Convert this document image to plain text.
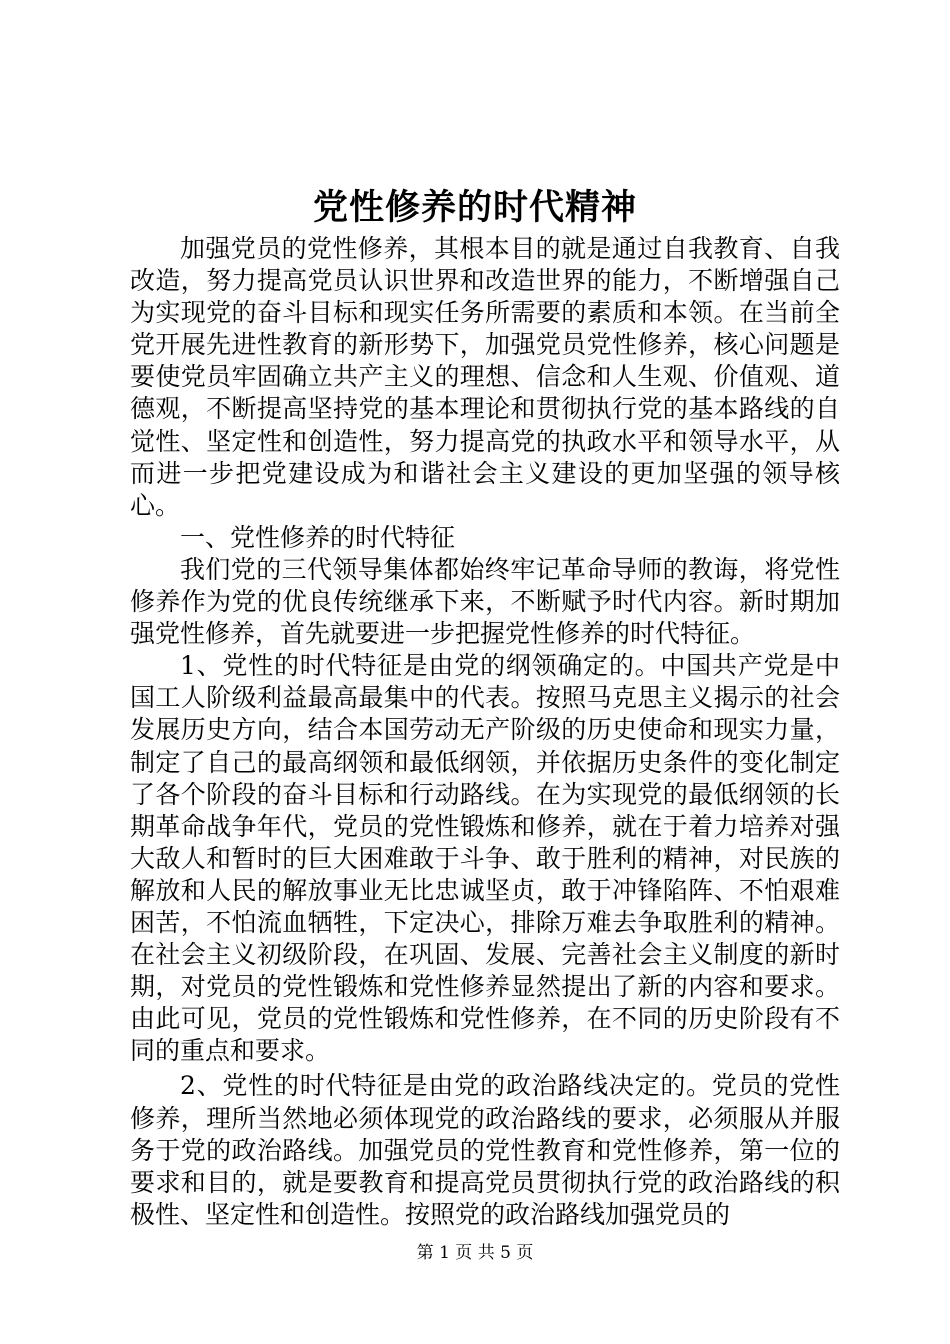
党性修养的时代精神

加强党员的党性修养，其根本目的就是通过自我教育、自我改造，努力提高党员认识世界和改造世界的能力，不断增强自己为实现党的奋斗目标和现实任务所需要的素质和本领。在当前全党开展先进性教育的新形势下，加强党员党性修养，核心问题是要使党员牢固确立共产主义的理想、信念和人生观、价值观、道德观，不断提高坚持党的基本理论和贯彻执行党的基本路线的自觉性、坚定性和创造性，努力提高党的执政水平和领导水平，从而进一步把党建设成为和谐社会主义建设的更加坚强的领导核心。

一、党性修养的时代特征

我们党的三代领导集体都始终牢记革命导师的教诲，将党性修养作为党的优良传统继承下来，不断赋予时代内容。新时期加强党性修养，首先就要进一步把握党性修养的时代特征。

1、党性的时代特征是由党的纲领确定的。中国共产党是中国工人阶级利益最高最集中的代表。按照马克思主义揭示的社会发展历史方向，结合本国劳动无产阶级的历史使命和现实力量，制定了自己的最高纲领和最低纲领，并依据历史条件的变化制定了各个阶段的奋斗目标和行动路线。在为实现党的最低纲领的长期革命战争年代，党员的党性锻炼和修养，就在于着力培养对强大敌人和暂时的巨大困难敢于斗争、敢于胜利的精神，对民族的解放和人民的解放事业无比忠诚坚贞，敢于冲锋陷阵、不怕艰难困苦，不怕流血牺牲，下定决心，排除万难去争取胜利的精神。在社会主义初级阶段，在巩固、发展、完善社会主义制度的新时期，对党员的党性锻炼和党性修养显然提出了新的内容和要求。由此可见，党员的党性锻炼和党性修养，在不同的历史阶段有不同的重点和要求。

2、党性的时代特征是由党的政治路线决定的。党员的党性修养，理所当然地必须体现党的政治路线的要求，必须服从并服务于党的政治路线。加强党员的党性教育和党性修养，第一位的要求和目的，就是要教育和提高党员贯彻执行党的政治路线的积极性、坚定性和创造性。按照党的政治路线加强党员的

第 1 页 共 5 页
